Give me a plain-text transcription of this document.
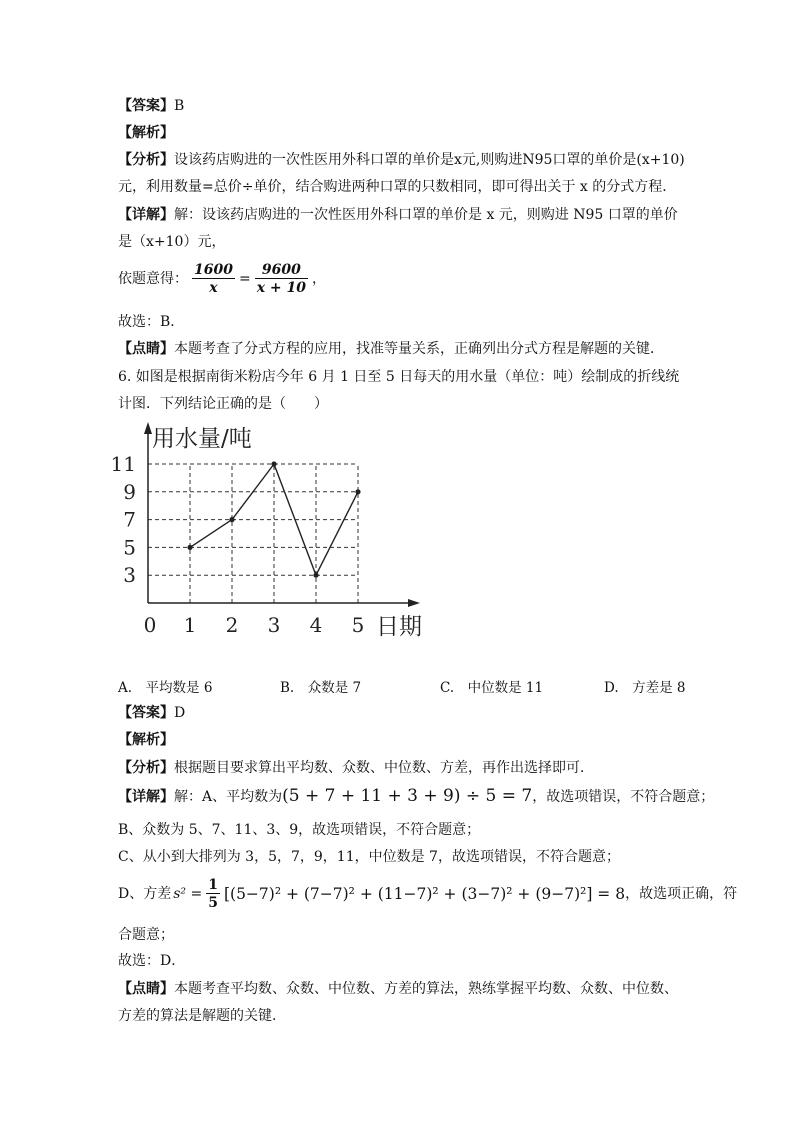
【答案】B
【解析】
【分析】设该药店购进的一次性医用外科口罩的单价是x元,则购进N95口罩的单价是(x+10)
元，利用数量=总价÷单价，结合购进两种口罩的只数相同，即可得出关于 x 的分式方程．
【详解】解：设该药店购进的一次性医用外科口罩的单价是 x 元，则购进 N95 口罩的单价
是（x+10）元，
依题意得： $\frac{1600}{x} = \frac{9600}{x + 10}$ ，
故选：B．
【点睛】本题考查了分式方程的应用，找准等量关系，正确列出分式方程是解题的关键．
6. 如图是根据南街米粉店今年 6 月 1 日至 5 日每天的用水量（单位：吨）绘制成的折线统
计图．下列结论正确的是（　　）
用水量/吨
日期
0
3
5
7
9
11
1 2 3 4 5
A.　 平均数是 6	B.　 众数是 7	C.　 中位数是 11	D.　 方差是 8
【答案】D
【解析】
【分析】根据题目要求算出平均数、众数、中位数、方差，再作出选择即可．
【详解】解：A、平均数为(5 + 7 + 11 + 3 + 9) ÷ 5 = 7，故选项错误，不符合题意；
B、众数为 5、7、11、3、9，故选项错误，不符合题意；
C、从小到大排列为 3，5，7，9，11，中位数是 7，故选项错误，不符合题意；
D、方差 $s^2 = \frac{1}{5} [(5-7)^2 + (7-7)^2 + (11-7)^2 + (3-7)^2 + (9-7)^2] = 8$ ，故选项正确，符
合题意；
故选：D．
【点睛】本题考查平均数、众数、中位数、方差的算法，熟练掌握平均数、众数、中位数、
方差的算法是解题的关键．
